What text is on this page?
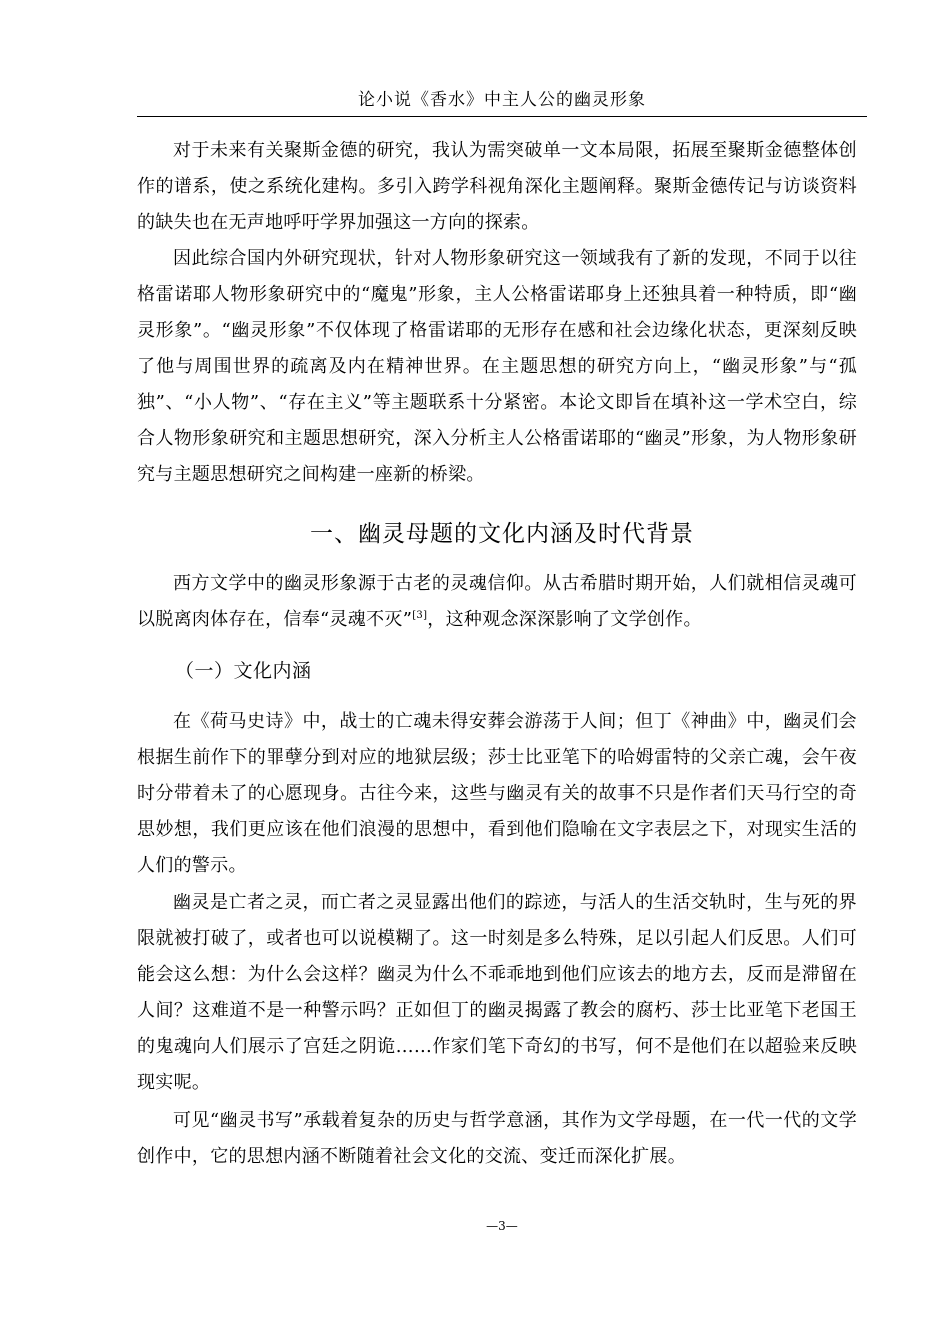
论小说《香水》中主人公的幽灵形象

对于未来有关聚斯金德的研究，我认为需突破单一文本局限，拓展至聚斯金德整体创作的谱系，使之系统化建构。多引入跨学科视角深化主题阐释。聚斯金德传记与访谈资料的缺失也在无声地呼吁学界加强这一方向的探索。

因此综合国内外研究现状，针对人物形象研究这一领域我有了新的发现，不同于以往格雷诺耶人物形象研究中的“魔鬼”形象，主人公格雷诺耶身上还独具着一种特质，即“幽灵形象”。“幽灵形象”不仅体现了格雷诺耶的无形存在感和社会边缘化状态，更深刻反映了他与周围世界的疏离及内在精神世界。在主题思想的研究方向上，“幽灵形象”与“孤独”、“小人物”、“存在主义”等主题联系十分紧密。本论文即旨在填补这一学术空白，综合人物形象研究和主题思想研究，深入分析主人公格雷诺耶的“幽灵”形象，为人物形象研究与主题思想研究之间构建一座新的桥梁。

一、幽灵母题的文化内涵及时代背景

西方文学中的幽灵形象源于古老的灵魂信仰。从古希腊时期开始，人们就相信灵魂可以脱离肉体存在，信奉“灵魂不灭”[3]，这种观念深深影响了文学创作。

（一）文化内涵

在《荷马史诗》中，战士的亡魂未得安葬会游荡于人间；但丁《神曲》中，幽灵们会根据生前作下的罪孽分到对应的地狱层级；莎士比亚笔下的哈姆雷特的父亲亡魂，会午夜时分带着未了的心愿现身。古往今来，这些与幽灵有关的故事不只是作者们天马行空的奇思妙想，我们更应该在他们浪漫的思想中，看到他们隐喻在文字表层之下，对现实生活的人们的警示。

幽灵是亡者之灵，而亡者之灵显露出他们的踪迹，与活人的生活交轨时，生与死的界限就被打破了，或者也可以说模糊了。这一时刻是多么特殊，足以引起人们反思。人们可能会这么想：为什么会这样？幽灵为什么不乖乖地到他们应该去的地方去，反而是滞留在人间？这难道不是一种警示吗？正如但丁的幽灵揭露了教会的腐朽、莎士比亚笔下老国王的鬼魂向人们展示了宫廷之阴诡……作家们笔下奇幻的书写，何不是他们在以超验来反映现实呢。

可见“幽灵书写”承载着复杂的历史与哲学意涵，其作为文学母题，在一代一代的文学创作中，它的思想内涵不断随着社会文化的交流、变迁而深化扩展。

—3—
